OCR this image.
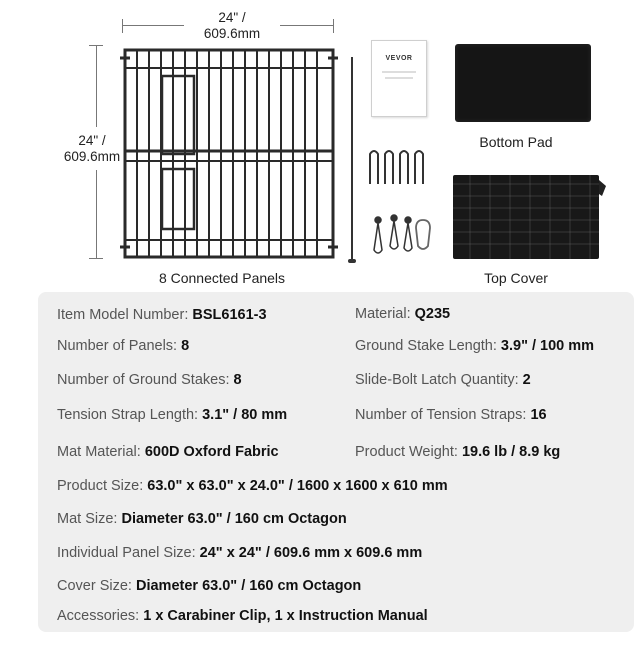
24" /
609.6mm
24" /
609.6mm
VEVOR
8 Connected Panels
Bottom Pad
Top Cover
Item Model Number: BSL6161-3
Number of Panels: 8
Number of Ground Stakes: 8
Tension Strap Length: 3.1" / 80 mm
Mat Material: 600D Oxford Fabric
Material: Q235
Ground Stake Length: 3.9" / 100 mm
Slide-Bolt Latch Quantity: 2
Number of Tension Straps: 16
Product Weight: 19.6 lb / 8.9 kg
Product Size: 63.0" x 63.0" x 24.0" / 1600 x 1600 x 610 mm
Mat Size: Diameter 63.0" / 160 cm Octagon
Individual Panel Size: 24" x 24" / 609.6 mm x 609.6 mm
Cover Size: Diameter 63.0" / 160 cm Octagon
Accessories: 1 x Carabiner Clip, 1 x Instruction Manual
